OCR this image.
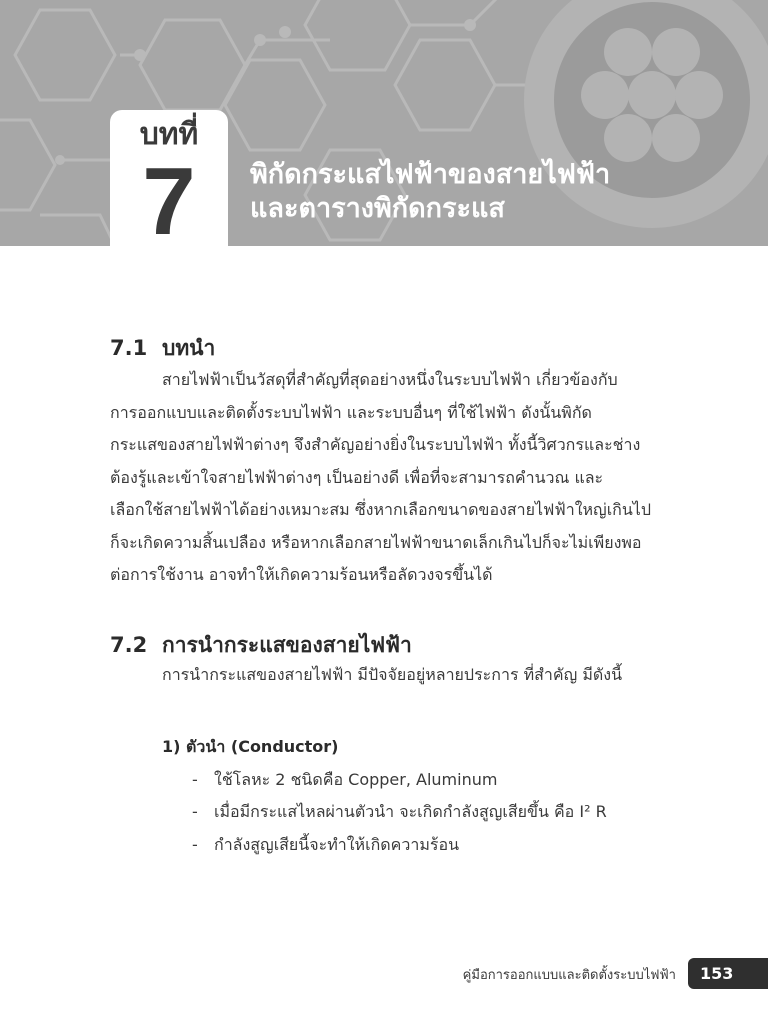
บทที่
7	พิกัดกระแสไฟฟ้าของสายไฟฟ้า
และตารางพิกัดกระแส
7.1 บทนำ
สายไฟฟ้าเป็นวัสดุที่สำคัญที่สุดอย่างหนึ่งในระบบไฟฟ้า เกี่ยวข้องกับ
การออกแบบและติดตั้งระบบไฟฟ้า และระบบอื่นๆ ที่ใช้ไฟฟ้า ดังนั้นพิกัด
กระแสของสายไฟฟ้าต่างๆ จึงสำคัญอย่างยิ่งในระบบไฟฟ้า ทั้งนี้วิศวกรและช่าง
ต้องรู้และเข้าใจสายไฟฟ้าต่างๆ เป็นอย่างดี เพื่อที่จะสามารถคำนวณ และ
เลือกใช้สายไฟฟ้าได้อย่างเหมาะสม ซึ่งหากเลือกขนาดของสายไฟฟ้าใหญ่เกินไป
ก็จะเกิดความสิ้นเปลือง หรือหากเลือกสายไฟฟ้าขนาดเล็กเกินไปก็จะไม่เพียงพอ
ต่อการใช้งาน อาจทำให้เกิดความร้อนหรือลัดวงจรขึ้นได้
7.2 การนำกระแสของสายไฟฟ้า
การนำกระแสของสายไฟฟ้า มีปัจจัยอยู่หลายประการ ที่สำคัญ มีดังนี้
1) ตัวนำ (Conductor)
- ใช้โลหะ 2 ชนิดคือ Copper, Aluminum
- เมื่อมีกระแสไหลผ่านตัวนำ จะเกิดกำลังสูญเสียขึ้น คือ I² R
- กำลังสูญเสียนี้จะทำให้เกิดความร้อน
คู่มือการออกแบบและติดตั้งระบบไฟฟ้า	153
